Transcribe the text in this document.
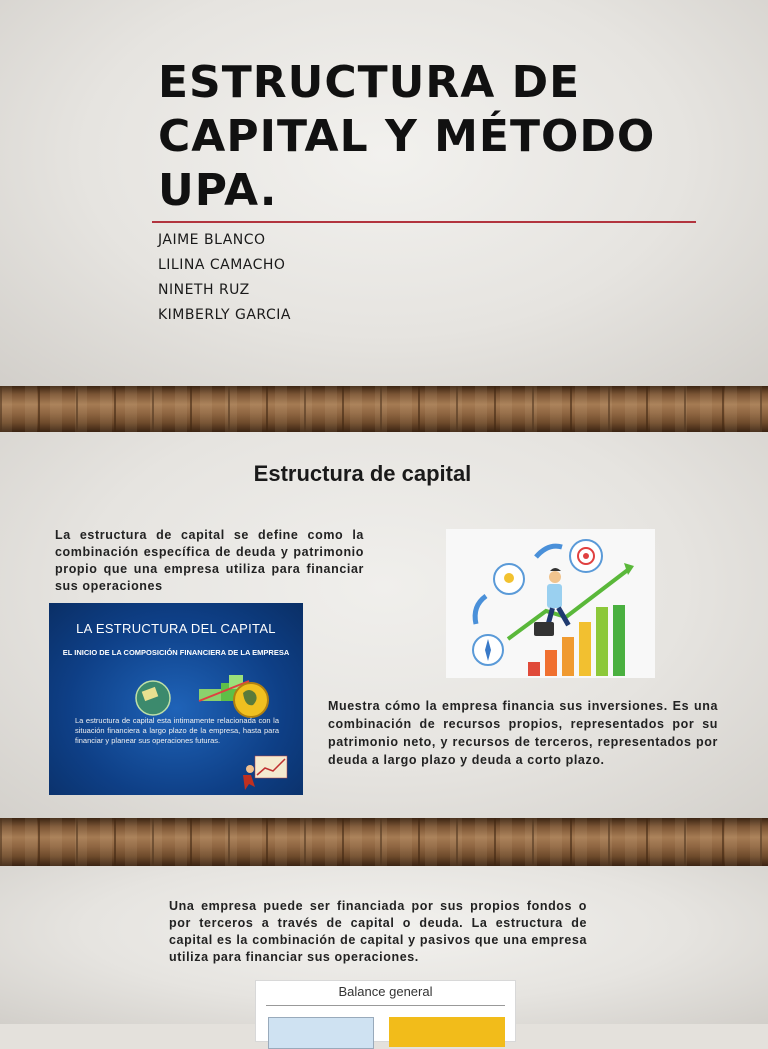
ESTRUCTURA DE CAPITAL Y MÉTODO UPA.
JAIME BLANCO
LILINA CAMACHO
NINETH RUZ
KIMBERLY GARCIA
Estructura de capital
La estructura de capital se define como la combinación específica de deuda y patrimonio propio que una empresa utiliza para financiar sus operaciones
LA ESTRUCTURA DEL CAPITAL
EL INICIO DE LA COMPOSICIÓN FINANCIERA DE LA EMPRESA
La estructura de capital esta intimamente relacionada con la situación financiera a largo plazo de la empresa, hasta para financiar y planear sus operaciones futuras.
Muestra cómo la empresa financia sus inversiones. Es una combinación de recursos propios, representados por su patrimonio neto, y recursos de terceros, representados por deuda a largo plazo y deuda a corto plazo.
Una empresa puede ser financiada por sus propios fondos o por terceros a través de capital o deuda. La estructura de capital es la combinación de capital y pasivos que una empresa utiliza para financiar sus operaciones.
Balance general
